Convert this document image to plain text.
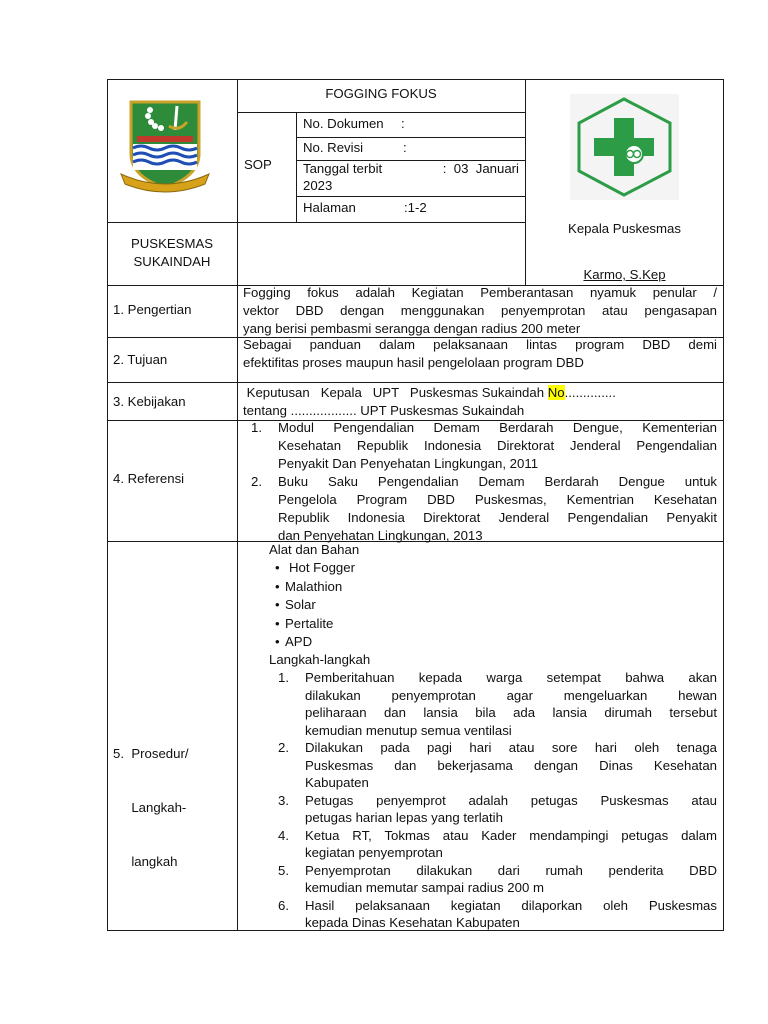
FOGGING FOKUS
SOP
No. Dokumen :
No. Revisi	:
Tanggal terbit	:  03  Januari
2023
Halaman	:1-2
PUSKESMAS
SUKAINDAH
Kepala Puskesmas
Karmo, S.Kep
1. Pengertian
Fogging fokus adalah Kegiatan Pemberantasan nyamuk penular /
vektor DBD dengan menggunakan penyemprotan atau pengasapan
yang berisi pembasmi serangga dengan radius 200 meter
2. Tujuan
Sebagai panduan dalam pelaksanaan lintas program DBD demi
efektifitas proses maupun hasil pengelolaan program DBD
3. Kebijakan
Keputusan   Kepala   UPT   Puskesmas Sukaindah No..............
tentang .................. UPT Puskesmas Sukaindah
4. Referensi
1. Modul Pengendalian Demam Berdarah Dengue, Kementerian
Kesehatan Republik Indonesia Direktorat Jenderal Pengendalian
Penyakit Dan Penyehatan Lingkungan, 2011
2. Buku Saku Pengendalian Demam Berdarah Dengue untuk
Pengelola Program DBD Puskesmas, Kementrian Kesehatan
Republik Indonesia Direktorat Jenderal Pengendalian Penyakit
dan Penyehatan Lingkungan, 2013

5.  Prosedur/

Langkah-

langkah

Alat dan Bahan
• Hot Fogger
• Malathion
• Solar
• Pertalite
• APD
Langkah-langkah
1. Pemberitahuan kepada warga setempat bahwa akan
dilakukan penyemprotan agar mengeluarkan hewan
peliharaan dan lansia bila ada lansia dirumah tersebut
kemudian menutup semua ventilasi
2. Dilakukan pada pagi hari atau sore hari oleh tenaga
Puskesmas dan bekerjasama dengan Dinas Kesehatan
Kabupaten
3. Petugas penyemprot adalah petugas Puskesmas atau
petugas harian lepas yang terlatih
4. Ketua RT, Tokmas atau Kader mendampingi petugas dalam
kegiatan penyemprotan
5. Penyemprotan dilakukan dari rumah penderita DBD
kemudian memutar sampai radius 200 m
6. Hasil pelaksanaan kegiatan dilaporkan oleh Puskesmas
kepada Dinas Kesehatan Kabupaten
